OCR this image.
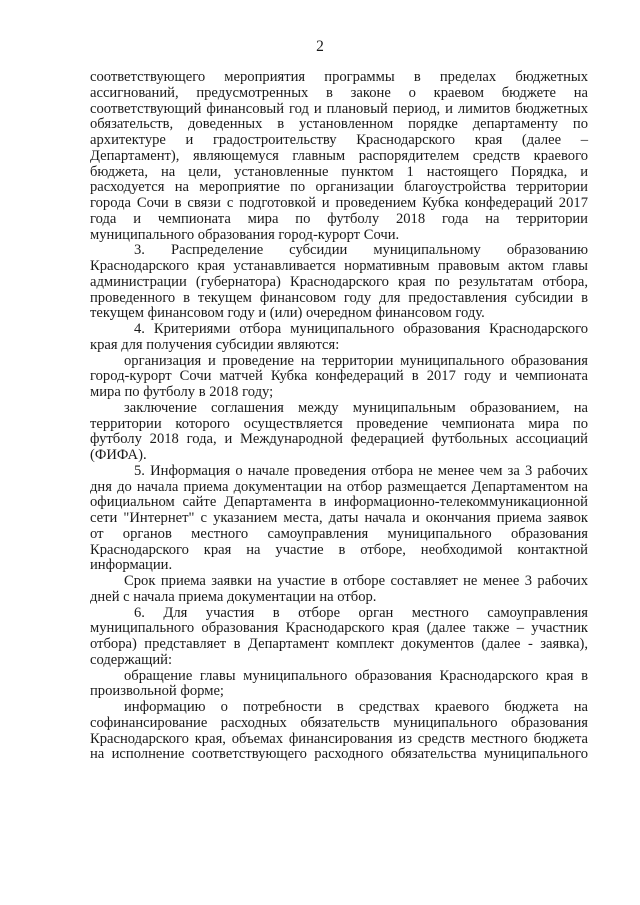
2
соответствующего мероприятия программы в пределах бюджетных
ассигнований, предусмотренных в законе о краевом бюджете на
соответствующий финансовый год и плановый период, и лимитов бюджетных
обязательств, доведенных в установленном порядке департаменту по
архитектуре и градостроительству Краснодарского края (далее –
Департамент), являющемуся главным распорядителем средств краевого
бюджета, на цели, установленные пунктом 1 настоящего Порядка, и
расходуется на мероприятие по организации благоустройства территории
города Сочи в связи с подготовкой и проведением Кубка конфедераций 2017
года и чемпионата мира по футболу 2018 года на территории
муниципального образования город-курорт Сочи.
3. Распределение субсидии муниципальному образованию
Краснодарского края устанавливается нормативным правовым актом главы
администрации (губернатора) Краснодарского края по результатам отбора,
проведенного в текущем финансовом году для предоставления субсидии в
текущем финансовом году и (или) очередном финансовом году.
4. Критериями отбора муниципального образования Краснодарского
края для получения субсидии являются:
организация и проведение на территории муниципального образования
город-курорт Сочи матчей Кубка конфедераций в 2017 году и чемпионата
мира по футболу в 2018 году;
заключение соглашения между муниципальным образованием, на
территории которого осуществляется проведение чемпионата мира по
футболу 2018 года, и Международной федерацией футбольных ассоциаций
(ФИФА).
5. Информация о начале проведения отбора не менее чем за 3 рабочих
дня до начала приема документации на отбор размещается Департаментом на
официальном сайте Департамента в информационно-телекоммуникационной
сети "Интернет" с указанием места, даты начала и окончания приема заявок
от органов местного самоуправления муниципального образования
Краснодарского края на участие в отборе, необходимой контактной
информации.
Срок приема заявки на участие в отборе составляет не менее 3 рабочих
дней с начала приема документации на отбор.
6. Для участия в отборе орган местного самоуправления
муниципального образования Краснодарского края (далее также – участник
отбора) представляет в Департамент комплект документов (далее - заявка),
содержащий:
обращение главы муниципального образования Краснодарского края в
произвольной форме;
информацию о потребности в средствах краевого бюджета на
софинансирование расходных обязательств муниципального образования
Краснодарского края, объемах финансирования из средств местного бюджета
на исполнение соответствующего расходного обязательства муниципального
